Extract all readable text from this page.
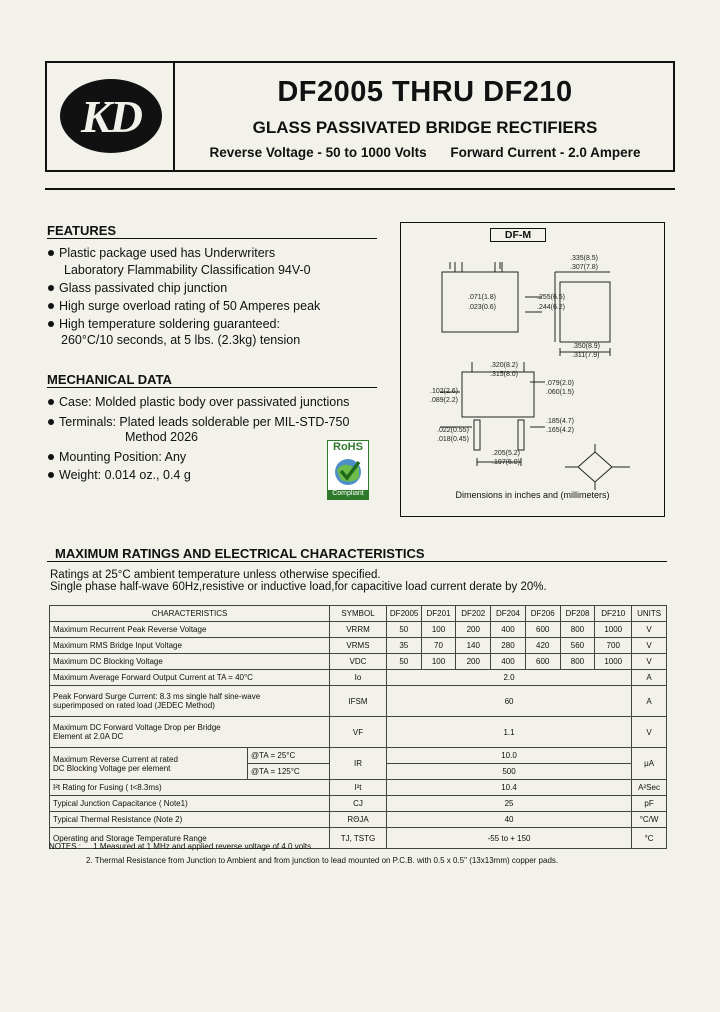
KD	DF2005 THRU DF210
GLASS PASSIVATED BRIDGE RECTIFIERS
Reverse Voltage - 50 to 1000 Volts Forward Current - 2.0 Ampere
FEATURES
Plastic package used has Underwriters
Laboratory Flammability Classification 94V-0
Glass passivated chip junction
High surge overload rating of 50 Amperes peak
High temperature soldering guaranteed:
260°C/10 seconds, at 5 lbs. (2.3kg) tension
MECHANICAL DATA
Case: Molded plastic body over passivated junctions
Terminals: Plated leads solderable per MIL-STD-750
Method 2026
Mounting Position: Any
Weight: 0.014 oz., 0.4 g
RoHS
Compliant
DF-M
.335(8.5)
.307(7.8)
.071(1.8)
.023(0.6)
.255(6.5)
.244(6.2)
.350(8.9)
.311(7.9)
.320(8.2)
.315(8.0)
.102(2.6)
.089(2.2)
.079(2.0)
.060(1.5)
.022(0.55)
.018(0.45)
.185(4.7)
.165(4.2)
.205(5.2)
.197(5.0)
Dimensions in inches and (millimeters)
MAXIMUM RATINGS AND ELECTRICAL CHARACTERISTICS
Ratings at 25°C ambient temperature unless otherwise specified.
Single phase half-wave 60Hz,resistive or inductive load,for capacitive load current derate by 20%.
CHARACTERISTICS		SYMBOL	DF2005	DF201	DF202	DF204	DF206	DF208	DF210	UNITS
Maximum Recurrent Peak Reverse Voltage		VRRM	50	100	200	400	600	800	1000	V
Maximum RMS Bridge Input Voltage		VRMS	35	70	140	280	420	560	700	V
Maximum DC Blocking Voltage		VDC	50	100	200	400	600	800	1000	V
Maximum Average Forward Output Current at TA = 40°C		Io	2.0							A
Peak Forward Surge Current: 8.3 ms single half sine-wave
superimposed on rated load (JEDEC Method)		IFSM	60							A
Maximum DC Forward Voltage Drop per Bridge
Element at 2.0A DC		VF	1.1							V
Maximum Reverse Current at rated
DC Blocking Voltage per element	@TA = 25°C	IR	10.0							μA
	@TA = 125°C		500							
I²t Rating for Fusing ( t<8.3ms)		I²t	10.4							A²Sec
Typical Junction Capacitance ( Note1)		CJ	25							pF
Typical Thermal Resistance (Note 2)		RΘJA	40							°C/W
Operating and Storage Temperature Range		TJ, TSTG	-55 to + 150							°C
NOTES : 1.Measured at 1 MHz and applied reverse voltage of 4.0 volts
2. Thermal Resistance from Junction to Ambient and from junction to lead mounted on P.C.B. with 0.5 x 0.5" (13x13mm) copper pads.
